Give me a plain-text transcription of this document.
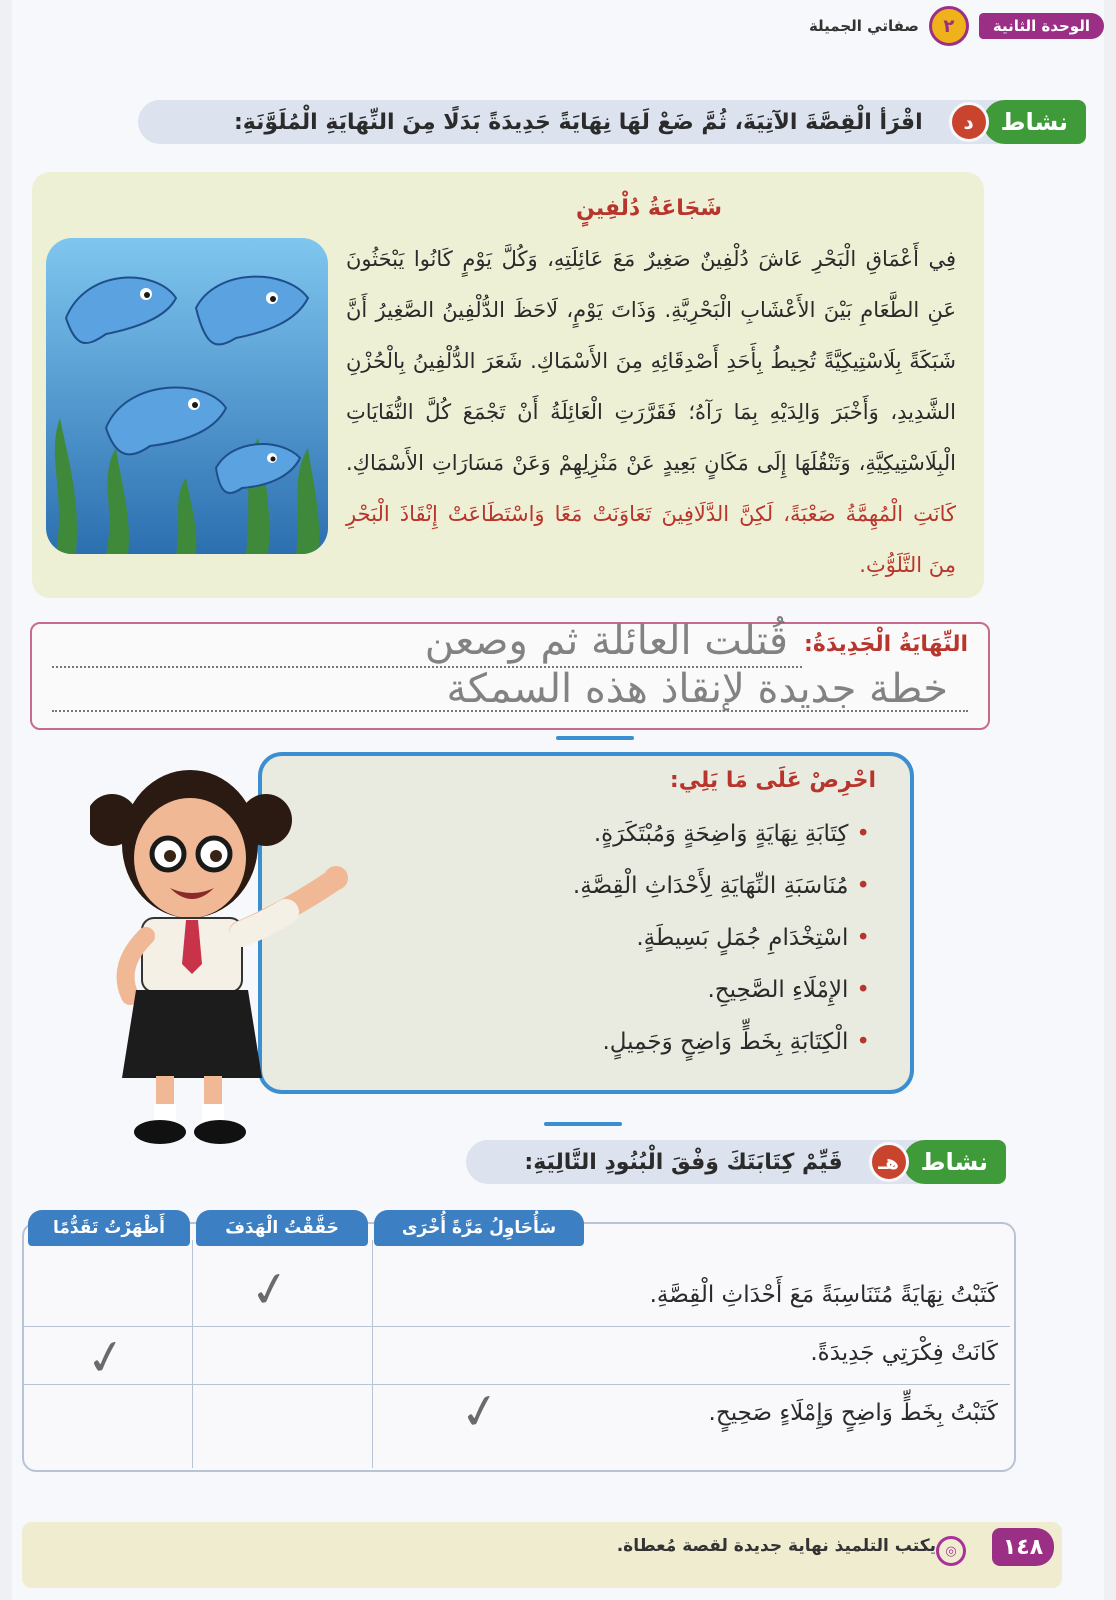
الوحدة الثانية
٢
صفاتي الجميلة
نشاط
د
اقْرَأ الْقِصَّةَ الآتِيَةَ، ثُمَّ ضَعْ لَهَا نِهَايَةً جَدِيدَةً بَدَلًا مِنَ النِّهَايَةِ الْمُلَوَّنَةِ:
شَجَاعَةُ دُلْفِينٍ
فِي أَعْمَاقِ الْبَحْرِ عَاشَ دُلْفِينٌ صَغِيرٌ مَعَ عَائِلَتِهِ، وَكُلَّ يَوْمٍ كَانُوا يَبْحَثُونَ عَنِ الطَّعَامِ بَيْنَ الأَعْشَابِ الْبَحْرِيَّةِ. وَذَاتَ يَوْمٍ، لَاحَظَ الدُّلْفِينُ الصَّغِيرُ أَنَّ شَبَكَةً بِلَاسْتِيكِيَّةً تُحِيطُ بِأَحَدِ أَصْدِقَائِهِ مِنَ الأَسْمَاكِ. شَعَرَ الدُّلْفِينُ بِالْحُزْنِ الشَّدِيدِ، وَأَخْبَرَ وَالِدَيْهِ بِمَا رَآهُ؛ فَقَرَّرَتِ الْعَائِلَةُ أَنْ تَجْمَعَ كُلَّ النُّفَايَاتِ الْبِلَاسْتِيكِيَّةِ، وَتَنْقُلَهَا إِلَى مَكَانٍ بَعِيدٍ عَنْ مَنْزِلِهِمْ وَعَنْ مَسَارَاتِ الأَسْمَاكِ. كَانَتِ الْمُهِمَّةُ صَعْبَةً، لَكِنَّ الدَّلَافِينَ تَعَاوَنَتْ مَعًا وَاسْتَطَاعَتْ إِنْقَاذَ الْبَحْرِ مِنَ التَّلَوُّثِ.
النِّهَايَةُ الْجَدِيدَةُ:
قُتلت العائلة ثم وصعن
خطة جديدة لإنقاذ هذه السمكة
احْرِصْ عَلَى مَا يَلِي:
• كِتَابَةِ نِهَايَةٍ وَاضِحَةٍ وَمُبْتَكَرَةٍ.
• مُنَاسَبَةِ النِّهَايَةِ لِأَحْدَاثِ الْقِصَّةِ.
• اسْتِخْدَامِ جُمَلٍ بَسِيطَةٍ.
• الإِمْلَاءِ الصَّحِيحِ.
• الْكِتَابَةِ بِخَطٍّ وَاضِحٍ وَجَمِيلٍ.
نشاط
هـ
قَيِّمْ كِتَابَتَكَ وَفْقَ الْبُنُودِ التَّالِيَةِ:
سَأُحَاوِلُ مَرَّةً أُخْرَى
حَقَّقْتُ الْهَدَفَ
أَظْهَرْتُ تَقَدُّمًا
كَتَبْتُ نِهَايَةً مُتَنَاسِبَةً مَعَ أَحْدَاثِ الْقِصَّةِ.
كَانَتْ فِكْرَتِي جَدِيدَةً.
كَتَبْتُ بِخَطٍّ وَاضِحٍ وَإِمْلَاءٍ صَحِيحٍ.
✓
✓
✓
يكتب التلميذ نهاية جديدة لقصة مُعطاة. ◎	١٤٨
